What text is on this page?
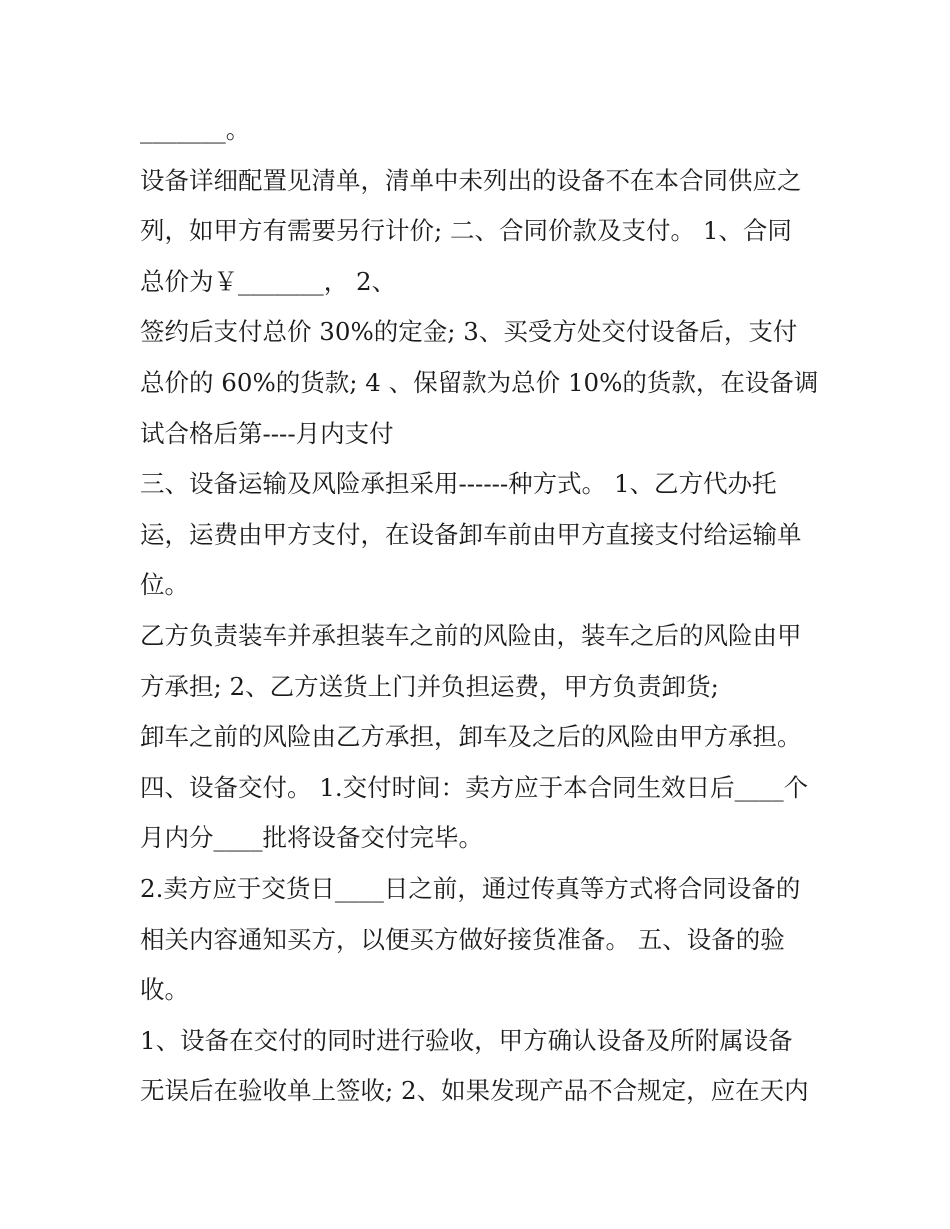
_______。
设备详细配置见清单，清单中未列出的设备不在本合同供应之
列，如甲方有需要另行计价; 二、合同价款及支付。 1、合同
总价为￥_______， 2、
签约后支付总价 30%的定金; 3、买受方处交付设备后，支付
总价的 60%的货款; 4 、保留款为总价 10%的货款，在设备调
试合格后第----月内支付
三、设备运输及风险承担采用------种方式。 1、乙方代办托
运，运费由甲方支付，在设备卸车前由甲方直接支付给运输单
位。
乙方负责装车并承担装车之前的风险由，装车之后的风险由甲
方承担; 2、乙方送货上门并负担运费，甲方负责卸货;
卸车之前的风险由乙方承担，卸车及之后的风险由甲方承担。
四、设备交付。 1.交付时间：卖方应于本合同生效日后____个
月内分____批将设备交付完毕。
2.卖方应于交货日____日之前，通过传真等方式将合同设备的
相关内容通知买方，以便买方做好接货准备。 五、设备的验
收。
1、设备在交付的同时进行验收，甲方确认设备及所附属设备
无误后在验收单上签收; 2、如果发现产品不合规定，应在天内
